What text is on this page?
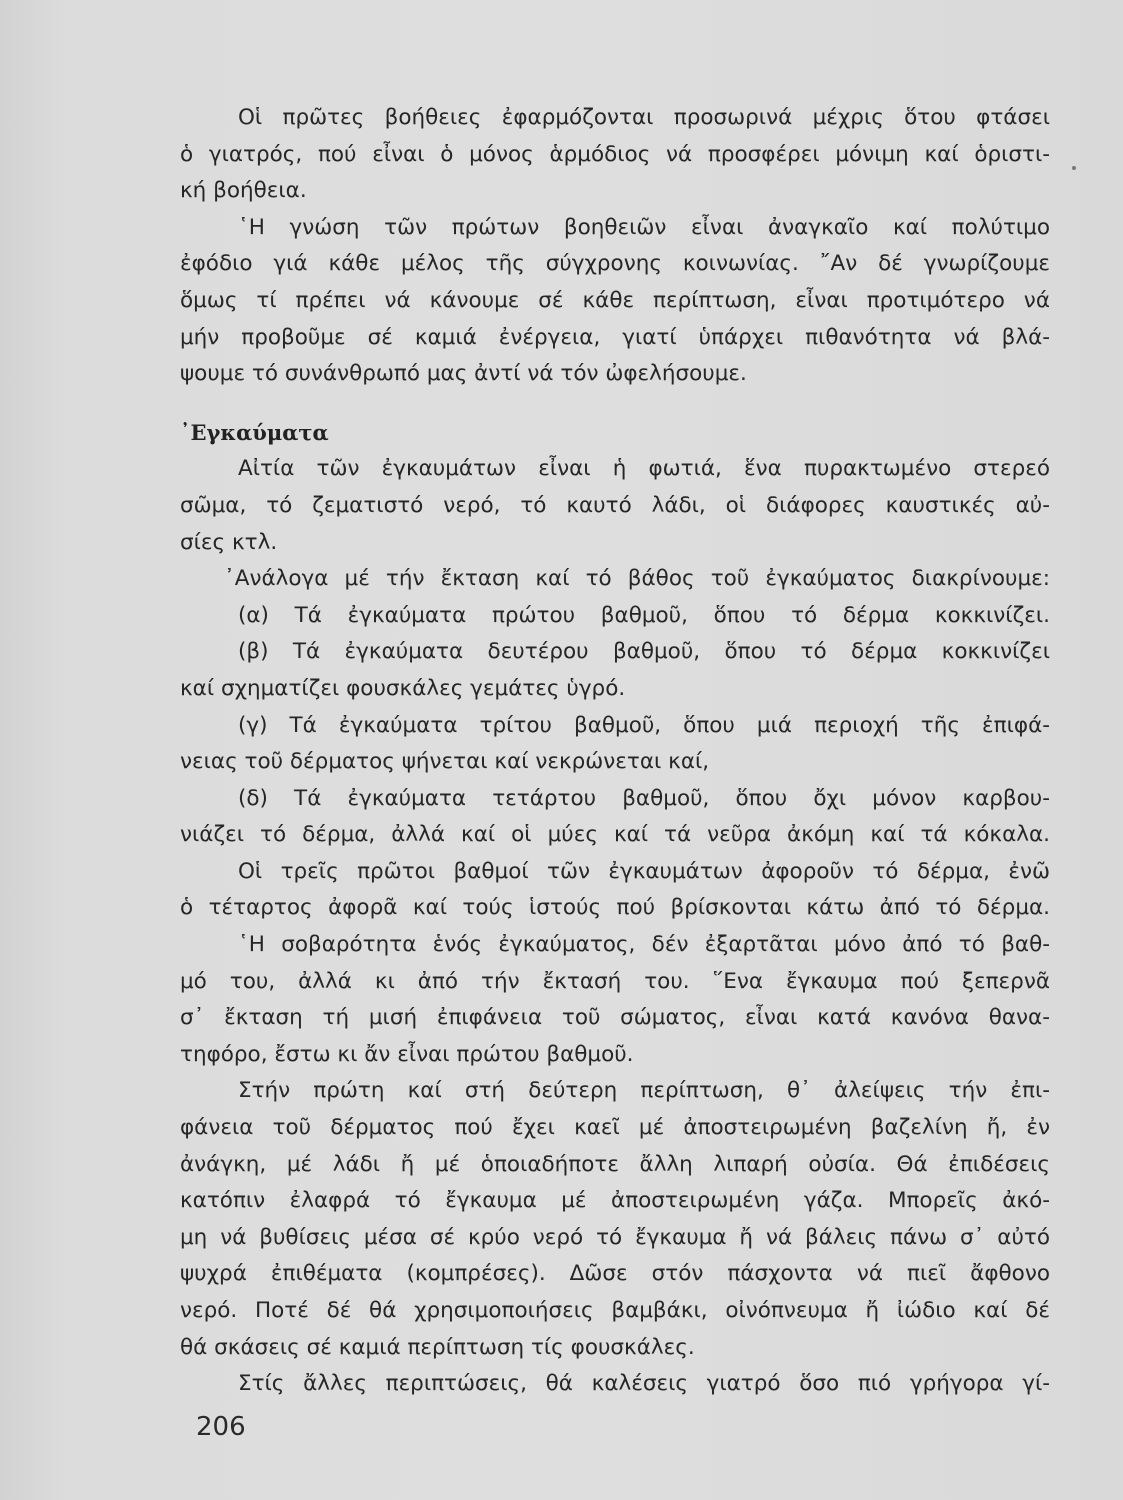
Οἱ πρῶτες βοήθειες ἐφαρμόζονται προσωρινά μέχρις ὅτου φτάσει
ὁ γιατρός, πού εἶναι ὁ μόνος ἁρμόδιος νά προσφέρει μόνιμη καί ὁριστι-
κή βοήθεια.
῾Η γνώση τῶν πρώτων βοηθειῶν εἶναι ἀναγκαῖο καί πολύτιμο
ἐφόδιο γιά κάθε μέλος τῆς σύγχρονης κοινωνίας. ῎Αν δέ γνωρίζουμε
ὅμως τί πρέπει νά κάνουμε σέ κάθε περίπτωση, εἶναι προτιμότερο νά
μήν προβοῦμε σέ καμιά ἐνέργεια, γιατί ὑπάρχει πιθανότητα νά βλά-
ψουμε τό συνάνθρωπό μας ἀντί νά τόν ὠφελήσουμε.
᾿Εγκαύματα
Αἰτία τῶν ἐγκαυμάτων εἶναι ἡ φωτιά, ἕνα πυρακτωμένο στερεό
σῶμα, τό ζεματιστό νερό, τό καυτό λάδι, οἱ διάφορες καυστικές αὐ-
σίες κτλ.
᾿Ανάλογα μέ τήν ἔκταση καί τό βάθος τοῦ ἐγκαύματος διακρίνουμε:
(α) Τά ἐγκαύματα πρώτου βαθμοῦ, ὅπου τό δέρμα κοκκινίζει.
(β) Τά ἐγκαύματα δευτέρου βαθμοῦ, ὅπου τό δέρμα κοκκινίζει
καί σχηματίζει φουσκάλες γεμάτες ὑγρό.
(γ) Τά ἐγκαύματα τρίτου βαθμοῦ, ὅπου μιά περιοχή τῆς ἐπιφά-
νειας τοῦ δέρματος ψήνεται καί νεκρώνεται καί,
(δ) Τά ἐγκαύματα τετάρτου βαθμοῦ, ὅπου ὄχι μόνον καρβου-
νιάζει τό δέρμα, ἀλλά καί οἱ μύες καί τά νεῦρα ἀκόμη καί τά κόκαλα.
Οἱ τρεῖς πρῶτοι βαθμοί τῶν ἐγκαυμάτων ἀφοροῦν τό δέρμα, ἐνῶ
ὁ τέταρτος ἀφορᾶ καί τούς ἱστούς πού βρίσκονται κάτω ἀπό τό δέρμα.
῾Η σοβαρότητα ἑνός ἐγκαύματος, δέν ἐξαρτᾶται μόνο ἀπό τό βαθ-
μό του, ἀλλά κι ἀπό τήν ἔκτασή του. ῞Ενα ἔγκαυμα πού ξεπερνᾶ
σ᾿ ἔκταση τή μισή ἐπιφάνεια τοῦ σώματος, εἶναι κατά κανόνα θανα-
τηφόρο, ἔστω κι ἄν εἶναι πρώτου βαθμοῦ.
Στήν πρώτη καί στή δεύτερη περίπτωση, θ᾿ ἀλείψεις τήν ἐπι-
φάνεια τοῦ δέρματος πού ἔχει καεῖ μέ ἀποστειρωμένη βαζελίνη ἤ, ἐν
ἀνάγκη, μέ λάδι ἤ μέ ὁποιαδήποτε ἄλλη λιπαρή οὐσία. Θά ἐπιδέσεις
κατόπιν ἐλαφρά τό ἔγκαυμα μέ ἀποστειρωμένη γάζα. Μπορεῖς ἀκό-
μη νά βυθίσεις μέσα σέ κρύο νερό τό ἔγκαυμα ἤ νά βάλεις πάνω σ᾿ αὐτό
ψυχρά ἐπιθέματα (κομπρέσες). Δῶσε στόν πάσχοντα νά πιεῖ ἄφθονο
νερό. Ποτέ δέ θά χρησιμοποιήσεις βαμβάκι, οἰνόπνευμα ἤ ἰώδιο καί δέ
θά σκάσεις σέ καμιά περίπτωση τίς φουσκάλες.
Στίς ἄλλες περιπτώσεις, θά καλέσεις γιατρό ὅσο πιό γρήγορα γί-
206
